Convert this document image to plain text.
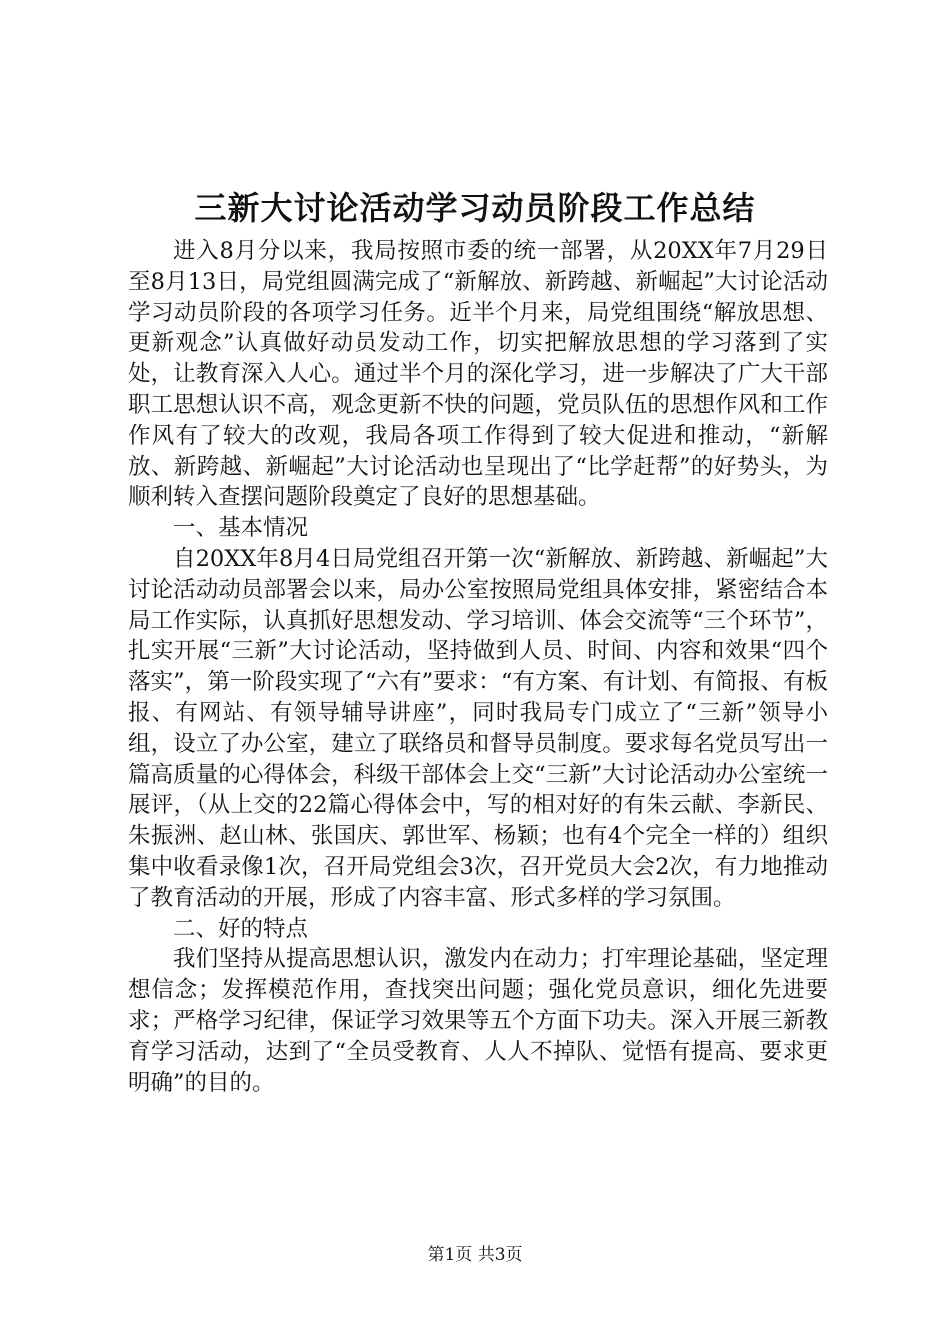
三新大讨论活动学习动员阶段工作总结

进入8月分以来，我局按照市委的统一部署，从20XX年7月29日至8月13日，局党组圆满完成了“新解放、新跨越、新崛起”大讨论活动学习动员阶段的各项学习任务。近半个月来，局党组围绕“解放思想、更新观念”认真做好动员发动工作，切实把解放思想的学习落到了实处，让教育深入人心。通过半个月的深化学习，进一步解决了广大干部职工思想认识不高，观念更新不快的问题，党员队伍的思想作风和工作作风有了较大的改观，我局各项工作得到了较大促进和推动，“新解放、新跨越、新崛起”大讨论活动也呈现出了“比学赶帮”的好势头，为顺利转入查摆问题阶段奠定了良好的思想基础。

一、基本情况

自20XX年8月4日局党组召开第一次“新解放、新跨越、新崛起”大讨论活动动员部署会以来，局办公室按照局党组具体安排，紧密结合本局工作实际，认真抓好思想发动、学习培训、体会交流等“三个环节”，扎实开展“三新”大讨论活动，坚持做到人员、时间、内容和效果“四个落实”，第一阶段实现了“六有”要求：“有方案、有计划、有简报、有板报、有网站、有领导辅导讲座”，同时我局专门成立了“三新”领导小组，设立了办公室，建立了联络员和督导员制度。要求每名党员写出一篇高质量的心得体会，科级干部体会上交“三新”大讨论活动办公室统一展评，（从上交的22篇心得体会中，写的相对好的有朱云献、李新民、朱振洲、赵山林、张国庆、郭世军、杨颖；也有4个完全一样的）组织集中收看录像1次，召开局党组会3次，召开党员大会2次，有力地推动了教育活动的开展，形成了内容丰富、形式多样的学习氛围。

二、好的特点

我们坚持从提高思想认识，激发内在动力；打牢理论基础，坚定理想信念；发挥模范作用，查找突出问题；强化党员意识，细化先进要求；严格学习纪律，保证学习效果等五个方面下功夫。深入开展三新教育学习活动，达到了“全员受教育、人人不掉队、觉悟有提高、要求更明确”的目的。

第1页 共3页
